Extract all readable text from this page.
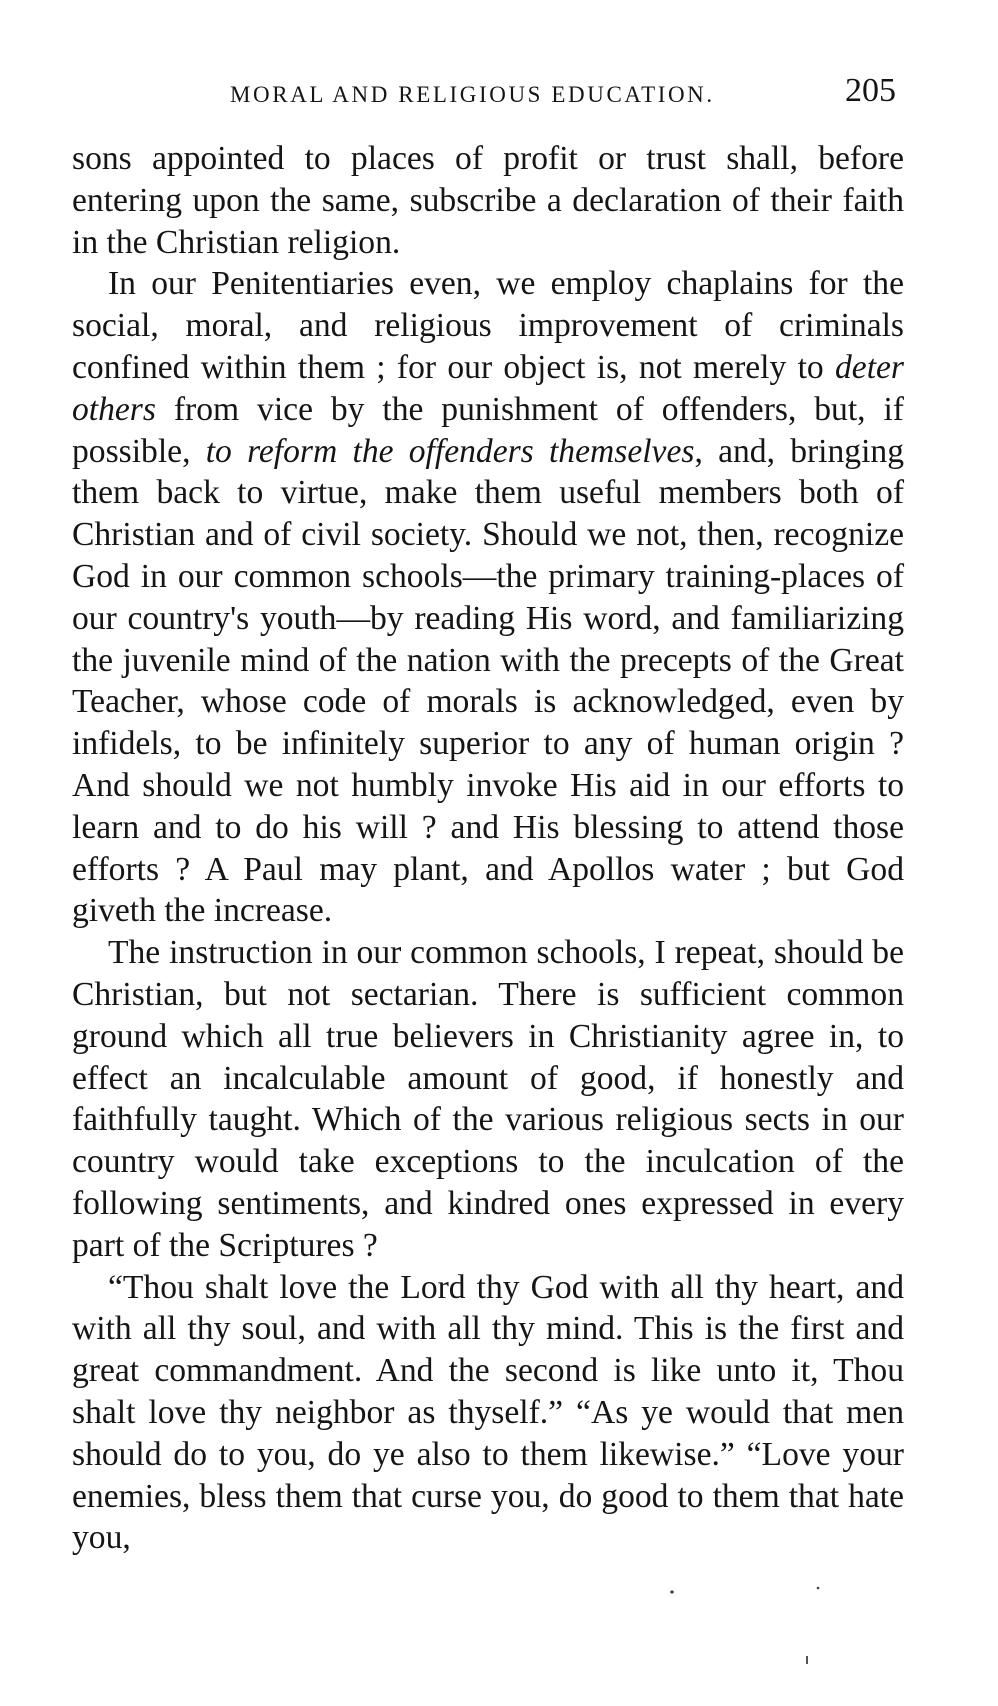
MORAL AND RELIGIOUS EDUCATION.	205

sons appointed to places of profit or trust shall, before entering upon the same, subscribe a declaration of their faith in the Christian religion.

In our Penitentiaries even, we employ chaplains for the social, moral, and religious improvement of criminals confined within them ; for our object is, not merely to deter others from vice by the punishment of offenders, but, if possible, to reform the offenders themselves, and, bringing them back to virtue, make them useful members both of Christian and of civil society. Should we not, then, recognize God in our common schools—the primary training-places of our country's youth—by reading His word, and familiarizing the juvenile mind of the nation with the precepts of the Great Teacher, whose code of morals is acknowledged, even by infidels, to be infinitely superior to any of human origin ? And should we not humbly invoke His aid in our efforts to learn and to do his will ? and His blessing to attend those efforts ? A Paul may plant, and Apollos water ; but God giveth the increase.

The instruction in our common schools, I repeat, should be Christian, but not sectarian. There is sufficient common ground which all true believers in Christianity agree in, to effect an incalculable amount of good, if honestly and faithfully taught. Which of the various religious sects in our country would take exceptions to the inculcation of the following sentiments, and kindred ones expressed in every part of the Scriptures ?

“Thou shalt love the Lord thy God with all thy heart, and with all thy soul, and with all thy mind. This is the first and great commandment. And the second is like unto it, Thou shalt love thy neighbor as thyself.” “As ye would that men should do to you, do ye also to them likewise.” “Love your enemies, bless them that curse you, do good to them that hate you,
